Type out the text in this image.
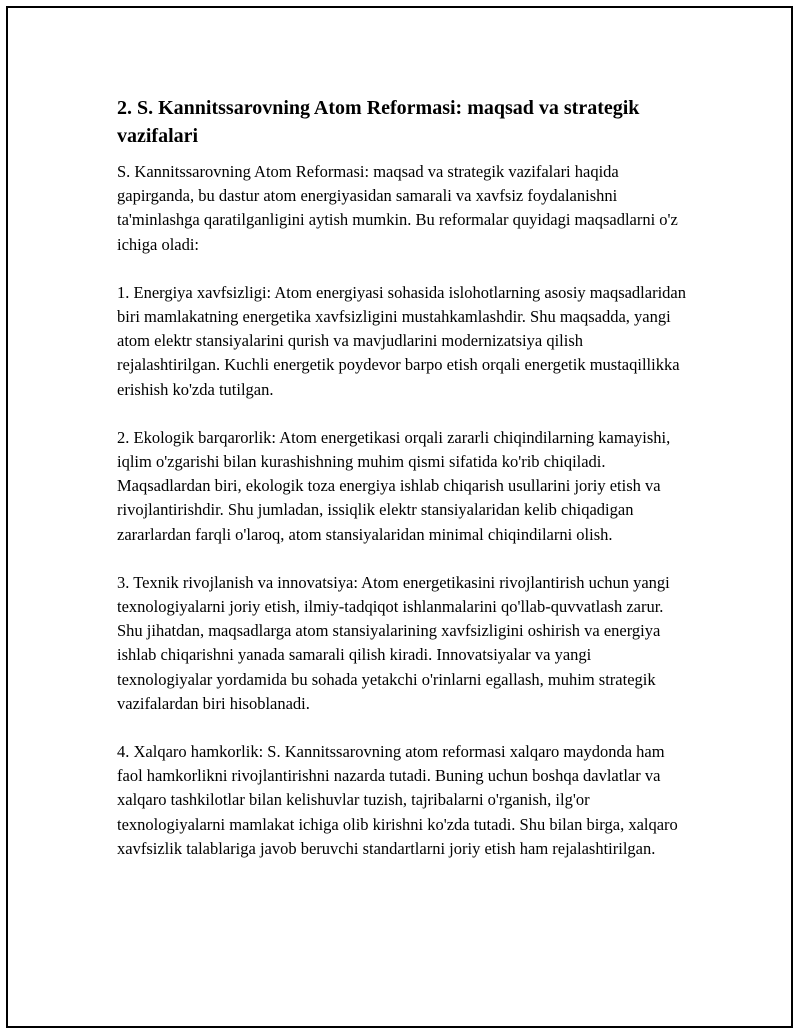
2. S. Kannitssarovning Atom Reformasi: maqsad va strategik vazifalari

S. Kannitssarovning Atom Reformasi: maqsad va strategik vazifalari haqida gapirganda, bu dastur atom energiyasidan samarali va xavfsiz foydalanishni ta'minlashga qaratilganligini aytish mumkin. Bu reformalar quyidagi maqsadlarni o'z ichiga oladi:

1. Energiya xavfsizligi: Atom energiyasi sohasida islohotlarning asosiy maqsadlaridan biri mamlakatning energetika xavfsizligini mustahkamlashdir. Shu maqsadda, yangi atom elektr stansiyalarini qurish va mavjudlarini modernizatsiya qilish rejalashtirilgan. Kuchli energetik poydevor barpo etish orqali energetik mustaqillikka erishish ko'zda tutilgan.

2. Ekologik barqarorlik: Atom energetikasi orqali zararli chiqindilarning kamayishi, iqlim o'zgarishi bilan kurashishning muhim qismi sifatida ko'rib chiqiladi. Maqsadlardan biri, ekologik toza energiya ishlab chiqarish usullarini joriy etish va rivojlantirishdir. Shu jumladan, issiqlik elektr stansiyalaridan kelib chiqadigan zararlardan farqli o'laroq, atom stansiyalaridan minimal chiqindilarni olish.

3. Texnik rivojlanish va innovatsiya: Atom energetikasini rivojlantirish uchun yangi texnologiyalarni joriy etish, ilmiy-tadqiqot ishlanmalarini qo'llab-quvvatlash zarur. Shu jihatdan, maqsadlarga atom stansiyalarining xavfsizligini oshirish va energiya ishlab chiqarishni yanada samarali qilish kiradi. Innovatsiyalar va yangi texnologiyalar yordamida bu sohada yetakchi o'rinlarni egallash, muhim strategik vazifalardan biri hisoblanadi.

4. Xalqaro hamkorlik: S. Kannitssarovning atom reformasi xalqaro maydonda ham faol hamkorlikni rivojlantirishni nazarda tutadi. Buning uchun boshqa davlatlar va xalqaro tashkilotlar bilan kelishuvlar tuzish, tajribalarni o'rganish, ilg'or texnologiyalarni mamlakat ichiga olib kirishni ko'zda tutadi. Shu bilan birga, xalqaro xavfsizlik talablariga javob beruvchi standartlarni joriy etish ham rejalashtirilgan.
